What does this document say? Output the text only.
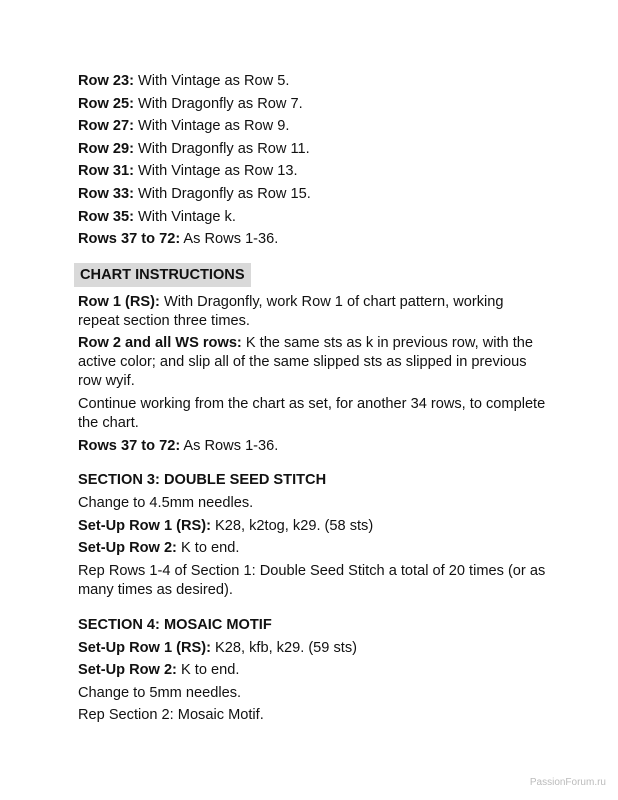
Row 23: With Vintage as Row 5.

Row 25: With Dragonfly as Row 7.

Row 27: With Vintage as Row 9.

Row 29: With Dragonfly as Row 11.

Row 31: With Vintage as Row 13.

Row 33: With Dragonfly as Row 15.

Row 35: With Vintage k.

Rows 37 to 72: As Rows 1-36.

CHART INSTRUCTIONS

Row 1 (RS): With Dragonfly, work Row 1 of chart pattern, working repeat section three times.

Row 2 and all WS rows: K the same sts as k in previous row, with the active color; and slip all of the same slipped sts as slipped in previous row wyif.

Continue working from the chart as set, for another 34 rows, to complete the chart.

Rows 37 to 72: As Rows 1-36.

SECTION 3: DOUBLE SEED STITCH

Change to 4.5mm needles.

Set-Up Row 1 (RS): K28, k2tog, k29. (58 sts)

Set-Up Row 2: K to end.

Rep Rows 1-4 of Section 1: Double Seed Stitch a total of 20 times (or as many times as desired).

SECTION 4: MOSAIC MOTIF

Set-Up Row 1 (RS): K28, kfb, k29. (59 sts)

Set-Up Row 2: K to end.

Change to 5mm needles.

Rep Section 2: Mosaic Motif.

PassionForum.ru
